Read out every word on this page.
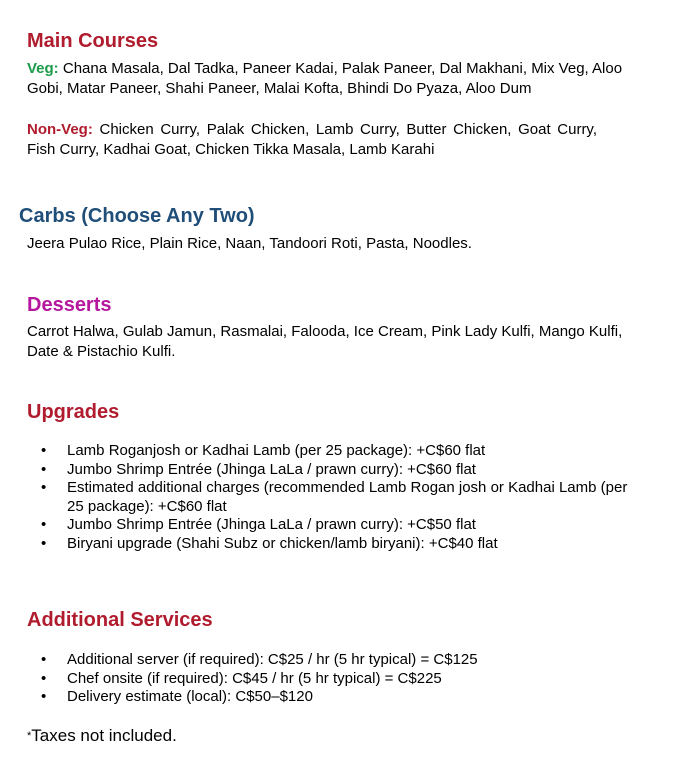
Main Courses

Veg: Chana Masala, Dal Tadka, Paneer Kadai, Palak Paneer, Dal Makhani, Mix Veg, Aloo Gobi, Matar Paneer, Shahi Paneer, Malai Kofta, Bhindi Do Pyaza, Aloo Dum

Non-Veg: Chicken Curry, Palak Chicken, Lamb Curry, Butter Chicken, Goat Curry, Fish Curry, Kadhai Goat, Chicken Tikka Masala, Lamb Karahi

Carbs (Choose Any Two)

Jeera Pulao Rice, Plain Rice, Naan, Tandoori Roti, Pasta, Noodles.

Desserts

Carrot Halwa, Gulab Jamun, Rasmalai, Falooda, Ice Cream, Pink Lady Kulfi, Mango Kulfi, Date & Pistachio Kulfi.

Upgrades
• Lamb Roganjosh or Kadhai Lamb (per 25 package): +C$60 flat
• Jumbo Shrimp Entrée (Jhinga LaLa / prawn curry): +C$60 flat
• Estimated additional charges (recommended Lamb Rogan josh or Kadhai Lamb (per 25 package): +C$60 flat
• Jumbo Shrimp Entrée (Jhinga LaLa / prawn curry): +C$50 flat
• Biryani upgrade (Shahi Subz or chicken/lamb biryani): +C$40 flat
Additional Services
• Additional server (if required): C$25 / hr (5 hr typical) = C$125
• Chef onsite (if required): C$45 / hr (5 hr typical) = C$225
• Delivery estimate (local): C$50–$120
*Taxes not included.
